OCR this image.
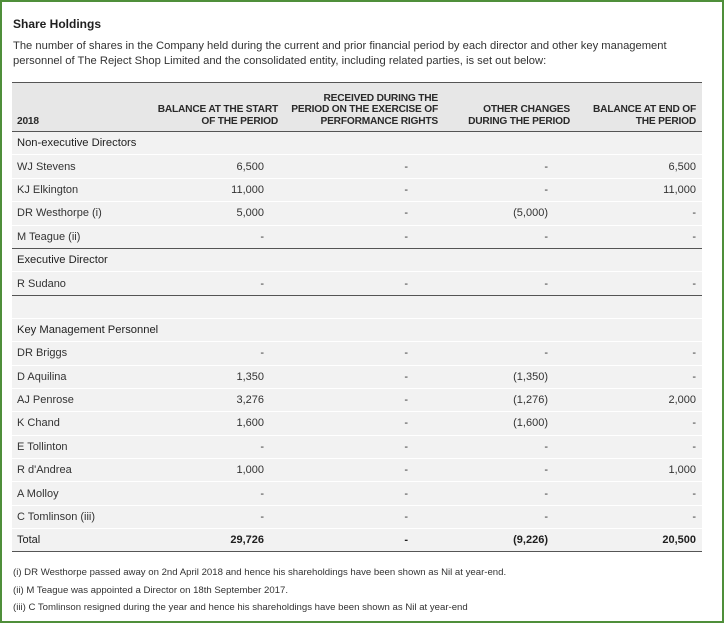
Share Holdings
The number of shares in the Company held during the current and prior financial period by each director and other key management personnel of The Reject Shop Limited and the consolidated entity, including related parties, is set out below:
2018	BALANCE AT THE START OF THE PERIOD	RECEIVED DURING THE PERIOD ON THE EXERCISE OF PERFORMANCE RIGHTS	OTHER CHANGES DURING THE PERIOD	BALANCE AT END OF THE PERIOD
Non-executive Directors				
WJ Stevens	6,500	-	-	6,500
KJ Elkington	11,000	-	-	11,000
DR Westhorpe (i)	5,000	-	(5,000)	-
M Teague (ii)	-	-	-	-
Executive Director				
R Sudano	-	-	-	-

Key Management Personnel				
DR Briggs	-	-	-	-
D Aquilina	1,350	-	(1,350)	-
AJ Penrose	3,276	-	(1,276)	2,000
K Chand	1,600	-	(1,600)	-
E Tollinton	-	-	-	-
R d'Andrea	1,000	-	-	1,000
A Molloy	-	-	-	-
C Tomlinson (iii)	-	-	-	-
Total	29,726	-	(9,226)	20,500
(i) DR Westhorpe passed away on 2nd April 2018 and hence his shareholdings have been shown as Nil at year-end.
(ii) M Teague was appointed a Director on 18th September 2017.
(iii) C Tomlinson resigned during the year and hence his shareholdings have been shown as Nil at year-end
